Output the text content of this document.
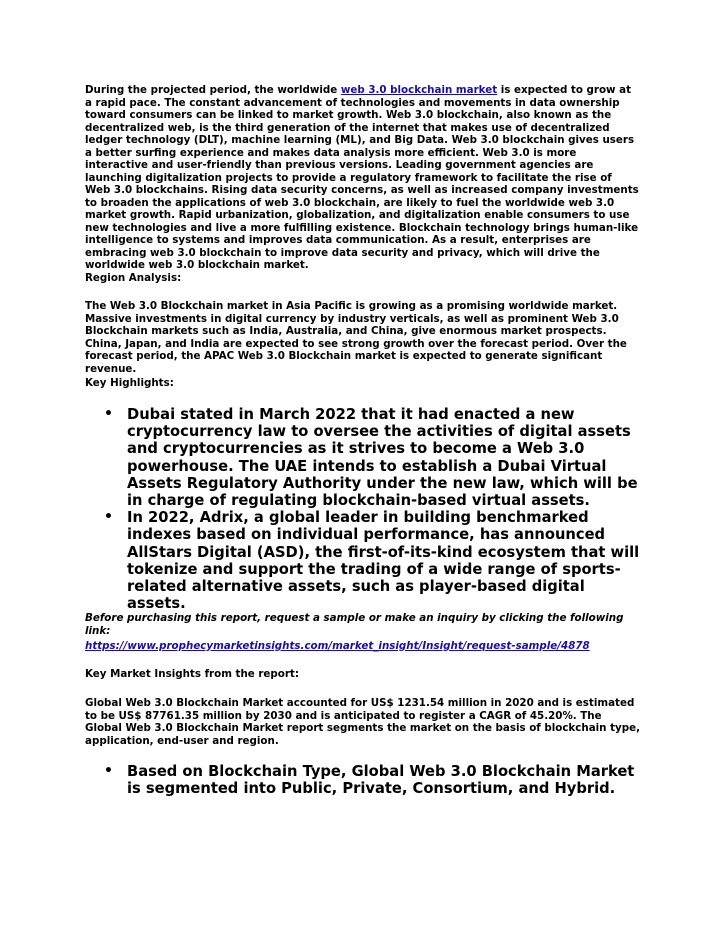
During the projected period, the worldwide web 3.0 blockchain market is expected to grow at a rapid pace. The constant advancement of technologies and movements in data ownership toward consumers can be linked to market growth. Web 3.0 blockchain, also known as the decentralized web, is the third generation of the internet that makes use of decentralized ledger technology (DLT), machine learning (ML), and Big Data. Web 3.0 blockchain gives users a better surfing experience and makes data analysis more efficient. Web 3.0 is more interactive and user-friendly than previous versions. Leading government agencies are launching digitalization projects to provide a regulatory framework to facilitate the rise of Web 3.0 blockchains. Rising data security concerns, as well as increased company investments to broaden the applications of web 3.0 blockchain, are likely to fuel the worldwide web 3.0 market growth. Rapid urbanization, globalization, and digitalization enable consumers to use new technologies and live a more fulfilling existence. Blockchain technology brings human-like intelligence to systems and improves data communication. As a result, enterprises are embracing web 3.0 blockchain to improve data security and privacy, which will drive the worldwide web 3.0 blockchain market.

Region Analysis:

The Web 3.0 Blockchain market in Asia Pacific is growing as a promising worldwide market. Massive investments in digital currency by industry verticals, as well as prominent Web 3.0 Blockchain markets such as India, Australia, and China, give enormous market prospects. China, Japan, and India are expected to see strong growth over the forecast period. Over the forecast period, the APAC Web 3.0 Blockchain market is expected to generate significant revenue.

Key Highlights:

• Dubai stated in March 2022 that it had enacted a new cryptocurrency law to oversee the activities of digital assets and cryptocurrencies as it strives to become a Web 3.0 powerhouse. The UAE intends to establish a Dubai Virtual Assets Regulatory Authority under the new law, which will be in charge of regulating blockchain-based virtual assets.
• In 2022, Adrix, a global leader in building benchmarked indexes based on individual performance, has announced AllStars Digital (ASD), the first-of-its-kind ecosystem that will tokenize and support the trading of a wide range of sports-related alternative assets, such as player-based digital assets.

Before purchasing this report, request a sample or make an inquiry by clicking the following link:

https://www.prophecymarketinsights.com/market_insight/Insight/request-sample/4878

Key Market Insights from the report:

Global Web 3.0 Blockchain Market accounted for US$ 1231.54 million in 2020 and is estimated to be US$ 87761.35 million by 2030 and is anticipated to register a CAGR of 45.20%. The Global Web 3.0 Blockchain Market report segments the market on the basis of blockchain type, application, end-user and region.

• Based on Blockchain Type, Global Web 3.0 Blockchain Market is segmented into Public, Private, Consortium, and Hybrid.
